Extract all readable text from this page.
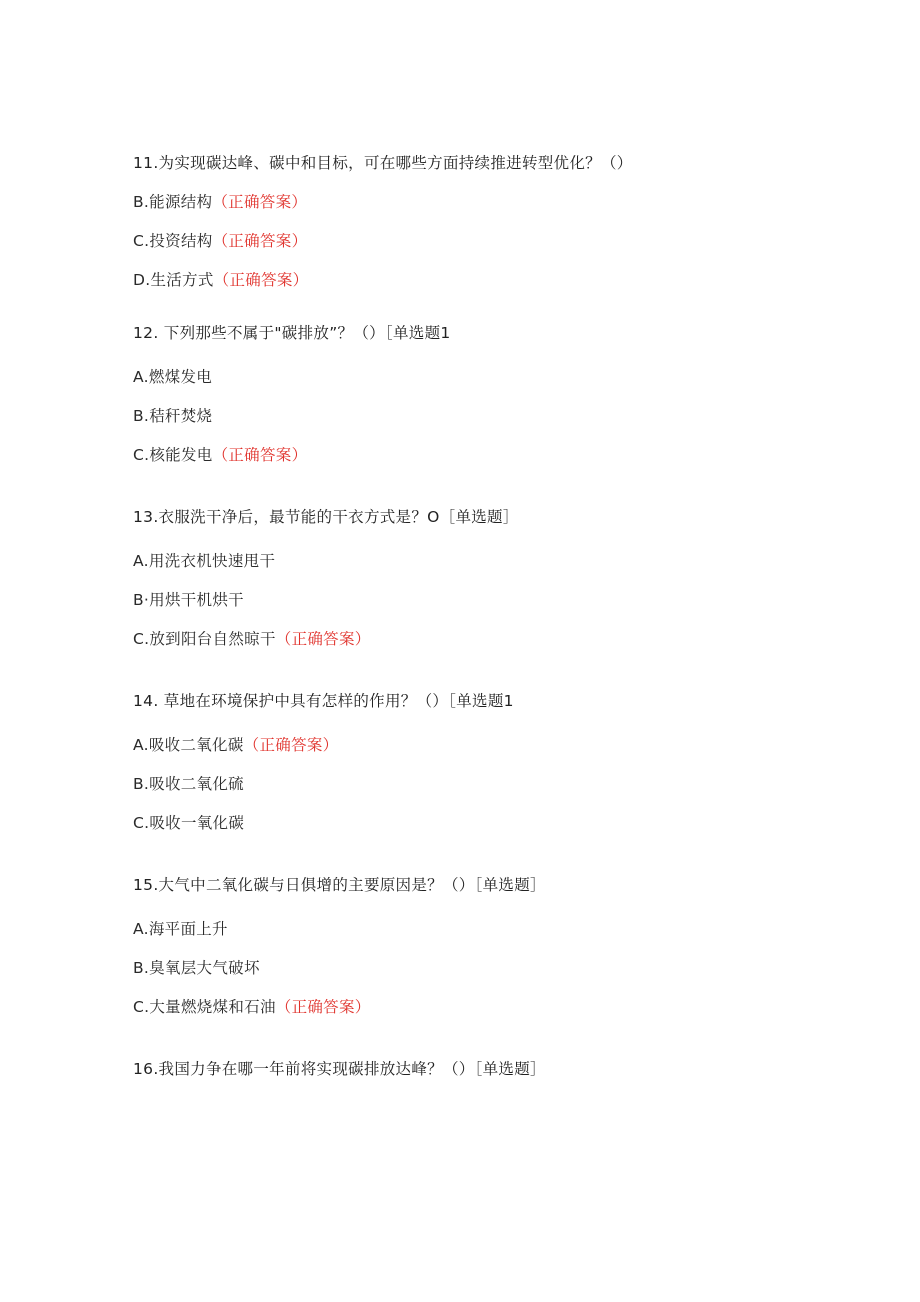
11.为实现碳达峰、碳中和目标，可在哪些方面持续推进转型优化？（）
B.能源结构（正确答案）
C.投资结构（正确答案）
D.生活方式（正确答案）
12. 下列那些不属于"碳排放”？（）［单选题1
A.燃煤发电
B.秸秆焚烧
C.核能发电（正确答案）
13.衣服洗干净后，最节能的干衣方式是？O［单选题］
A.用洗衣机快速甩干
B·用烘干机烘干
C.放到阳台自然晾干（正确答案）
14. 草地在环境保护中具有怎样的作用？（）［单选题1
A.吸收二氧化碳（正确答案）
B.吸收二氧化硫
C.吸收一氧化碳
15.大气中二氧化碳与日俱增的主要原因是？（）［单选题］
A.海平面上升
B.臭氧层大气破坏
C.大量燃烧煤和石油（正确答案）
16.我国力争在哪一年前将实现碳排放达峰？（）［单选题］
